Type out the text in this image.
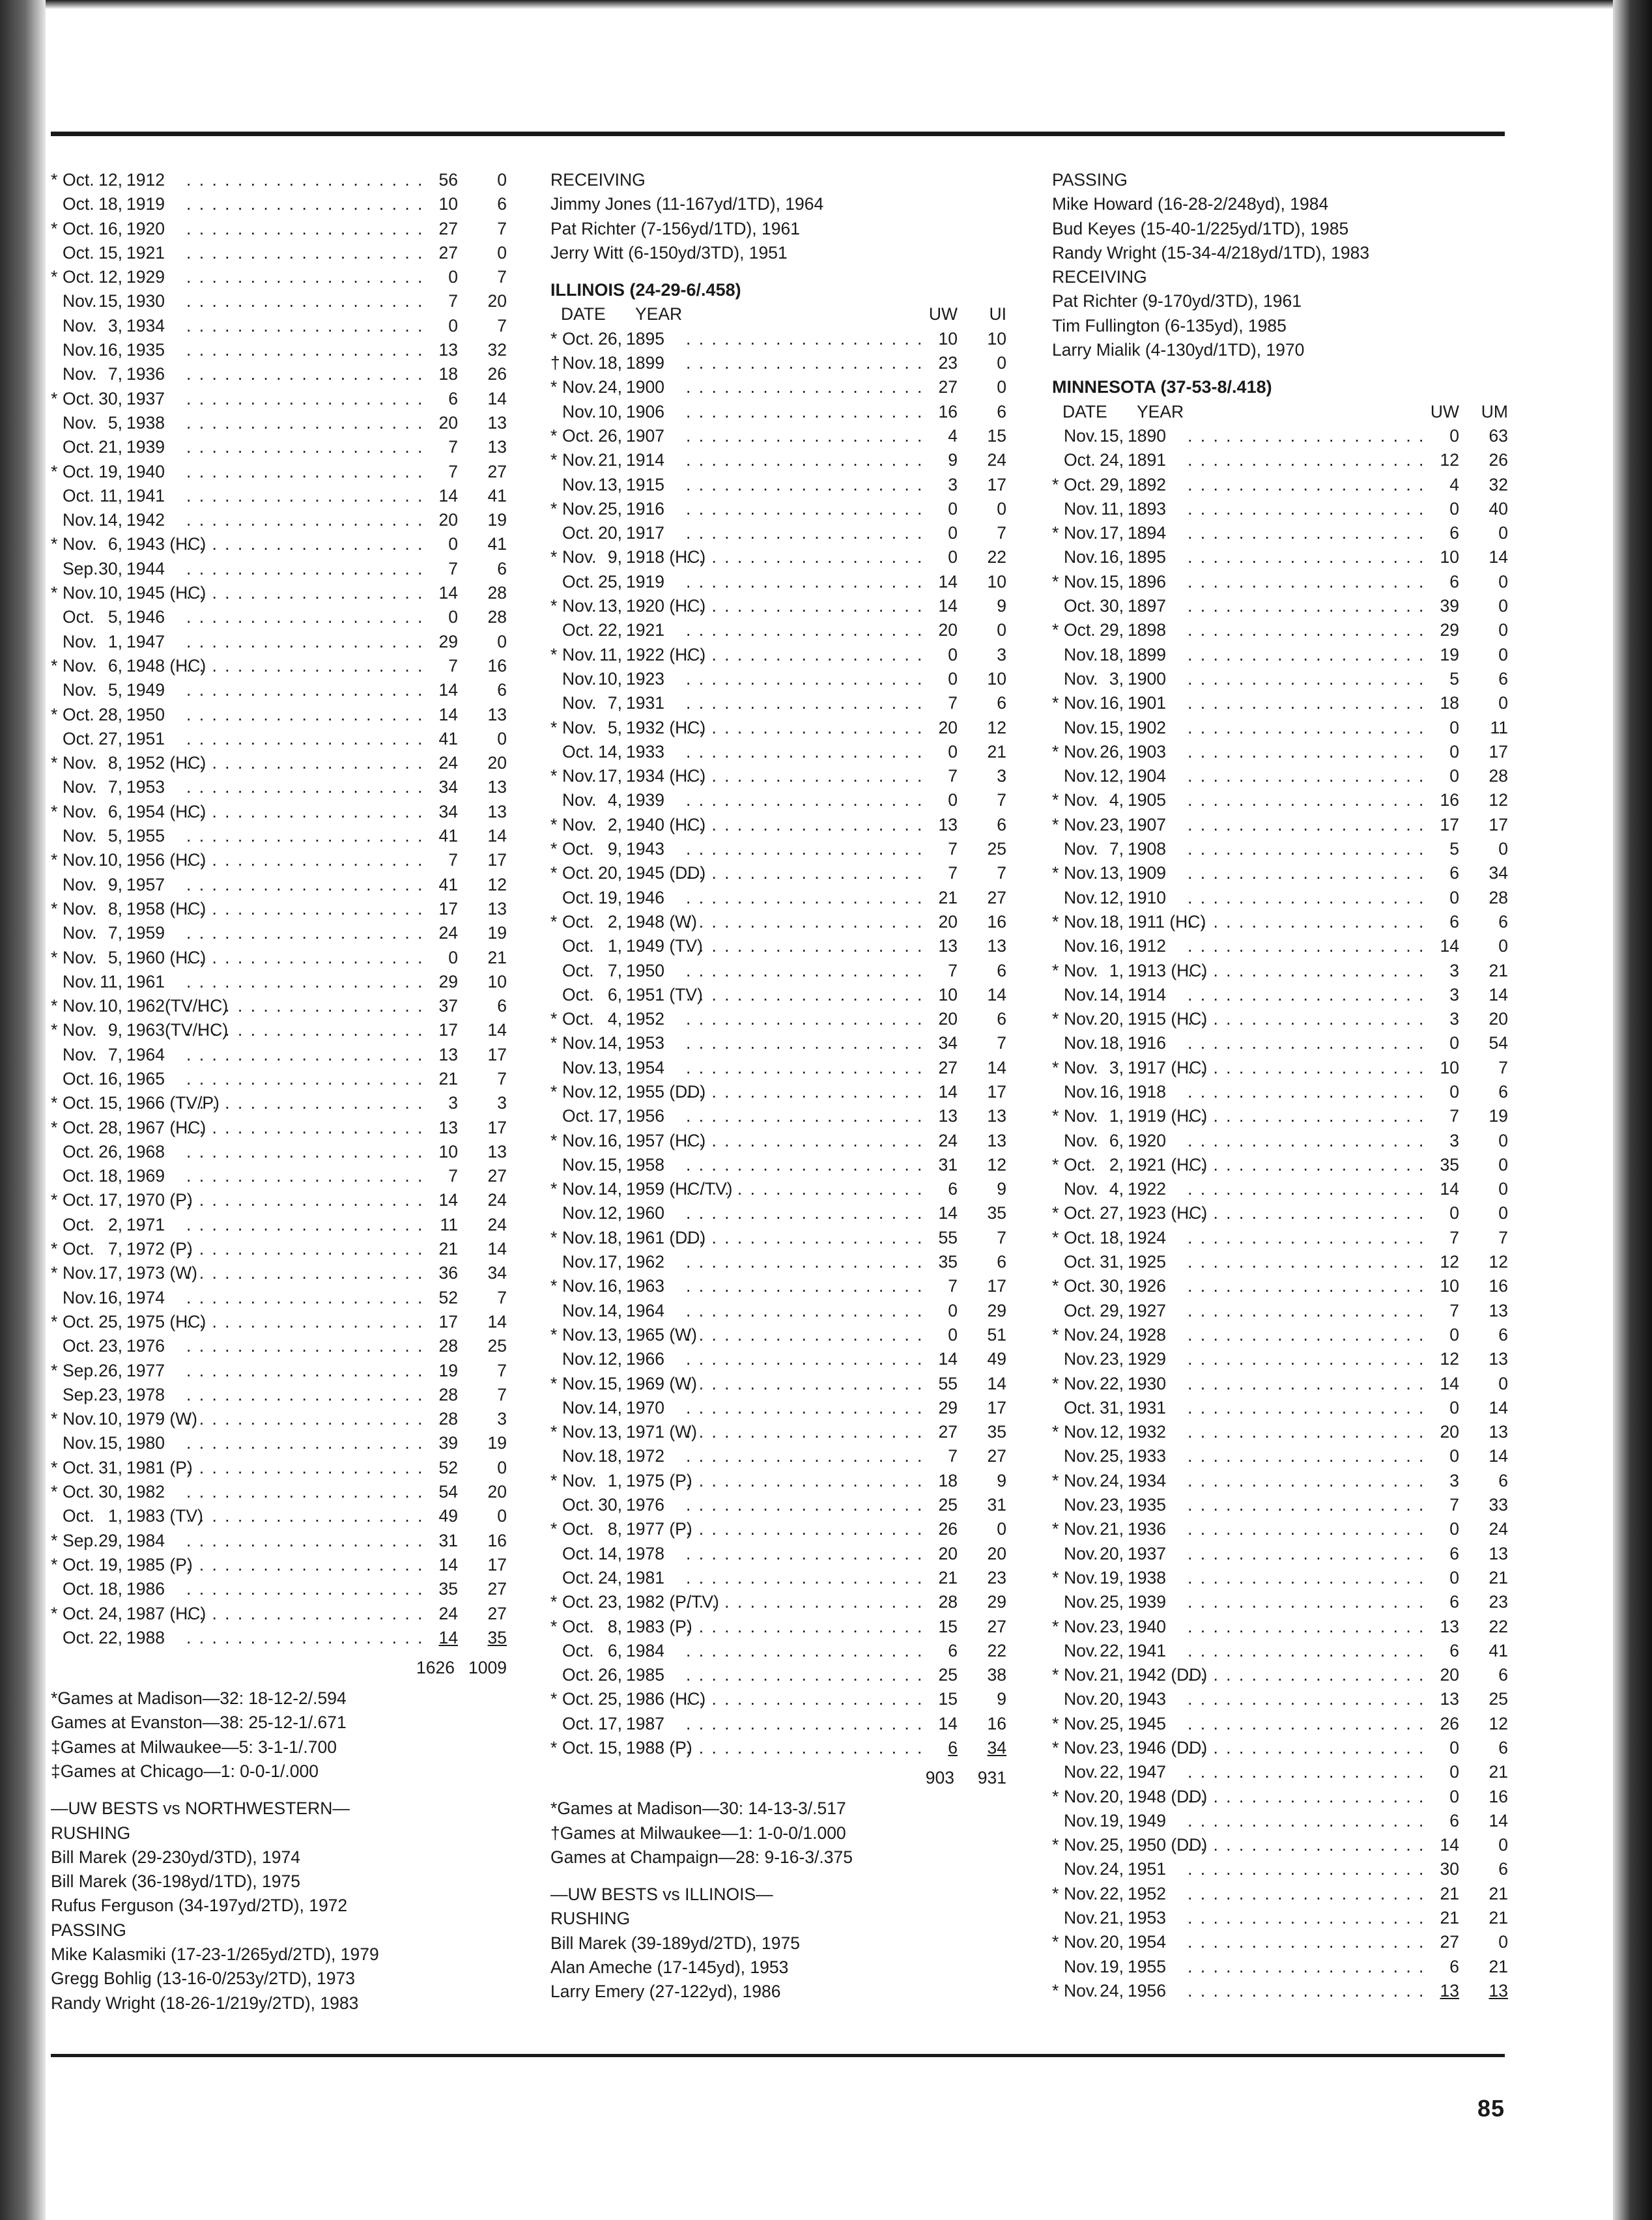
* Oct. 12, 1912 . . .	56	0
Oct. 18, 1919 . . .	10	6
* Oct. 16, 1920 . . .	27	7
Oct. 15, 1921 . . .	27	0
* Oct. 12, 1929 . . .	0	7
Nov. 15, 1930 . . .	7	20
Nov. 3, 1934 . . .	0	7
Nov. 16, 1935 . . .	13	32
Nov. 7, 1936 . . .	18	26
* Oct. 30, 1937 . . .	6	14
Nov. 5, 1938 . . .	20	13
Oct. 21, 1939 . . .	7	13
* Oct. 19, 1940 . . .	7	27
Oct. 11, 1941 . . .	14	41
Nov. 14, 1942 . . .	20	19
* Nov. 6, 1943 (HC) . . .	0	41
Sep. 30, 1944 . . .	7	6
* Nov. 10, 1945 (HC) . . .	14	28
Oct. 5, 1946 . . .	0	28
Nov. 1, 1947 . . .	29	0
* Nov. 6, 1948 (HC) . . .	7	16
Nov. 5, 1949 . . .	14	6
* Oct. 28, 1950 . . .	14	13
Oct. 27, 1951 . . .	41	0
* Nov. 8, 1952 (HC) . . .	24	20
Nov. 7, 1953 . . .	34	13
* Nov. 6, 1954 (HC) . . .	34	13
Nov. 5, 1955 . . .	41	14
* Nov. 10, 1956 (HC) . . .	7	17
Nov. 9, 1957 . . .	41	12
* Nov. 8, 1958 (HC) . . .	17	13
Nov. 7, 1959 . . .	24	19
* Nov. 5, 1960 (HC) . . .	0	21
Nov. 11, 1961 . . .	29	10
* Nov. 10, 1962(TV/HC) . . .	37	6
* Nov. 9, 1963(TV/HC) . . .	17	14
Nov. 7, 1964 . . .	13	17
Oct. 16, 1965 . . .	21	7
* Oct. 15, 1966 (TV/P) . . .	3	3
* Oct. 28, 1967 (HC) . . .	13	17
Oct. 26, 1968 . . .	10	13
Oct. 18, 1969 . . .	7	27
* Oct. 17, 1970 (P) . . .	14	24
Oct. 2, 1971 . . .	11	24
* Oct. 7, 1972 (P) . . .	21	14
* Nov. 17, 1973 (W) . . .	36	34
Nov. 16, 1974 . . .	52	7
* Oct. 25, 1975 (HC) . . .	17	14
Oct. 23, 1976 . . .	28	25
* Sep. 26, 1977 . . .	19	7
Sep. 23, 1978 . . .	28	7
* Nov. 10, 1979 (W) . . .	28	3
Nov. 15, 1980 . . .	39	19
* Oct. 31, 1981 (P) . . .	52	0
* Oct. 30, 1982 . . .	54	20
Oct. 1, 1983 (TV) . . .	49	0
* Sep. 29, 1984 . . .	31	16
* Oct. 19, 1985 (P) . . .	14	17
Oct. 18, 1986 . . .	35	27
* Oct. 24, 1987 (HC) . . .	24	27
Oct. 22, 1988 . . .	14	35
1626 1009
*Games at Madison—32: 18-12-2/.594
Games at Evanston—38: 25-12-1/.671
‡Games at Milwaukee—5: 3-1-1/.700
‡Games at Chicago—1: 0-0-1/.000
—UW BESTS vs NORTHWESTERN—
RUSHING
Bill Marek (29-230yd/3TD), 1974
Bill Marek (36-198yd/1TD), 1975
Rufus Ferguson (34-197yd/2TD), 1972
PASSING
Mike Kalasmiki (17-23-1/265yd/2TD), 1979
Gregg Bohlig (13-16-0/253y/2TD), 1973
Randy Wright (18-26-1/219y/2TD), 1983
RECEIVING
Jimmy Jones (11-167yd/1TD), 1964
Pat Richter (7-156yd/1TD), 1961
Jerry Witt (6-150yd/3TD), 1951
ILLINOIS (24-29-6/.458)
DATE	YEAR	UW	UI
* Oct. 26, 1895 . . .	10	10
† Nov. 18, 1899 . . .	23	0
* Nov. 24, 1900 . . .	27	0
Nov. 10, 1906 . . .	16	6
* Oct. 26, 1907 . . .	4	15
* Nov. 21, 1914 . . .	9	24
Nov. 13, 1915 . . .	3	17
* Nov. 25, 1916 . . .	0	0
Oct. 20, 1917 . . .	0	7
* Nov. 9, 1918 (HC) . . .	0	22
Oct. 25, 1919 . . .	14	10
* Nov. 13, 1920 (HC) . . .	14	9
Oct. 22, 1921 . . .	20	0
* Nov. 11, 1922 (HC) . . .	0	3
Nov. 10, 1923 . . .	0	10
Nov. 7, 1931 . . .	7	6
* Nov. 5, 1932 (HC) . . .	20	12
Oct. 14, 1933 . . .	0	21
* Nov. 17, 1934 (HC) . . .	7	3
Nov. 4, 1939 . . .	0	7
* Nov. 2, 1940 (HC) . . .	13	6
* Oct. 9, 1943 . . .	7	25
* Oct. 20, 1945 (DD) . . .	7	7
Oct. 19, 1946 . . .	21	27
* Oct. 2, 1948 (W) . . .	20	16
Oct. 1, 1949 (TV) . . .	13	13
Oct. 7, 1950 . . .	7	6
Oct. 6, 1951 (TV) . . .	10	14
* Oct. 4, 1952 . . .	20	6
* Nov. 14, 1953 . . .	34	7
Nov. 13, 1954 . . .	27	14
* Nov. 12, 1955 (DD) . . .	14	17
Oct. 17, 1956 . . .	13	13
* Nov. 16, 1957 (HC) . . .	24	13
Nov. 15, 1958 . . .	31	12
* Nov. 14, 1959 (HC/TV) . . .	6	9
Nov. 12, 1960 . . .	14	35
* Nov. 18, 1961 (DD) . . .	55	7
Nov. 17, 1962 . . .	35	6
* Nov. 16, 1963 . . .	7	17
Nov. 14, 1964 . . .	0	29
* Nov. 13, 1965 (W) . . .	0	51
Nov. 12, 1966 . . .	14	49
* Nov. 15, 1969 (W) . . .	55	14
Nov. 14, 1970 . . .	29	17
* Nov. 13, 1971 (W) . . .	27	35
Nov. 18, 1972 . . .	7	27
* Nov. 1, 1975 (P) . . .	18	9
Oct. 30, 1976 . . .	25	31
* Oct. 8, 1977 (P) . . .	26	0
Oct. 14, 1978 . . .	20	20
Oct. 24, 1981 . . .	21	23
* Oct. 23, 1982 (P/TV) . . .	28	29
* Oct. 8, 1983 (P) . . .	15	27
Oct. 6, 1984 . . .	6	22
Oct. 26, 1985 . . .	25	38
* Oct. 25, 1986 (HC) . . .	15	9
Oct. 17, 1987 . . .	14	16
* Oct. 15, 1988 (P) . . .	6	34
903	931
*Games at Madison—30: 14-13-3/.517
†Games at Milwaukee—1: 1-0-0/1.000
Games at Champaign—28: 9-16-3/.375
—UW BESTS vs ILLINOIS—
RUSHING
Bill Marek (39-189yd/2TD), 1975
Alan Ameche (17-145yd), 1953
Larry Emery (27-122yd), 1986
PASSING
Mike Howard (16-28-2/248yd), 1984
Bud Keyes (15-40-1/225yd/1TD), 1985
Randy Wright (15-34-4/218yd/1TD), 1983
RECEIVING
Pat Richter (9-170yd/3TD), 1961
Tim Fullington (6-135yd), 1985
Larry Mialik (4-130yd/1TD), 1970
MINNESOTA (37-53-8/.418)
DATE	YEAR	UW	UM
Nov. 15, 1890 . . .	0	63
Oct. 24, 1891 . . .	12	26
* Oct. 29, 1892 . . .	4	32
Nov. 11, 1893 . . .	0	40
* Nov. 17, 1894 . . .	6	0
Nov. 16, 1895 . . .	10	14
* Nov. 15, 1896 . . .	6	0
Oct. 30, 1897 . . .	39	0
* Oct. 29, 1898 . . .	29	0
Nov. 18, 1899 . . .	19	0
Nov. 3, 1900 . . .	5	6
* Nov. 16, 1901 . . .	18	0
Nov. 15, 1902 . . .	0	11
* Nov. 26, 1903 . . .	0	17
Nov. 12, 1904 . . .	0	28
* Nov. 4, 1905 . . .	16	12
* Nov. 23, 1907 . . .	17	17
Nov. 7, 1908 . . .	5	0
* Nov. 13, 1909 . . .	6	34
Nov. 12, 1910 . . .	0	28
* Nov. 18, 1911 (HC) . . .	6	6
Nov. 16, 1912 . . .	14	0
* Nov. 1, 1913 (HC) . . .	3	21
Nov. 14, 1914 . . .	3	14
* Nov. 20, 1915 (HC) . . .	3	20
Nov. 18, 1916 . . .	0	54
* Nov. 3, 1917 (HC) . . .	10	7
Nov. 16, 1918 . . .	0	6
* Nov. 1, 1919 (HC) . . .	7	19
Nov. 6, 1920 . . .	3	0
* Oct. 2, 1921 (HC) . . .	35	0
Nov. 4, 1922 . . .	14	0
* Oct. 27, 1923 (HC) . . .	0	0
* Oct. 18, 1924 . . .	7	7
Oct. 31, 1925 . . .	12	12
* Oct. 30, 1926 . . .	10	16
Oct. 29, 1927 . . .	7	13
* Nov. 24, 1928 . . .	0	6
Nov. 23, 1929 . . .	12	13
* Nov. 22, 1930 . . .	14	0
Oct. 31, 1931 . . .	0	14
* Nov. 12, 1932 . . .	20	13
Nov. 25, 1933 . . .	0	14
* Nov. 24, 1934 . . .	3	6
Nov. 23, 1935 . . .	7	33
* Nov. 21, 1936 . . .	0	24
Nov. 20, 1937 . . .	6	13
* Nov. 19, 1938 . . .	0	21
Nov. 25, 1939 . . .	6	23
* Nov. 23, 1940 . . .	13	22
Nov. 22, 1941 . . .	6	41
* Nov. 21, 1942 (DD) . . .	20	6
Nov. 20, 1943 . . .	13	25
* Nov. 25, 1945 . . .	26	12
* Nov. 23, 1946 (DD) . . .	0	6
Nov. 22, 1947 . . .	0	21
* Nov. 20, 1948 (DD) . . .	0	16
Nov. 19, 1949 . . .	6	14
* Nov. 25, 1950 (DD) . . .	14	0
Nov. 24, 1951 . . .	30	6
* Nov. 22, 1952 . . .	21	21
Nov. 21, 1953 . . .	21	21
* Nov. 20, 1954 . . .	27	0
Nov. 19, 1955 . . .	6	21
* Nov. 24, 1956 . . .	13	13
85
